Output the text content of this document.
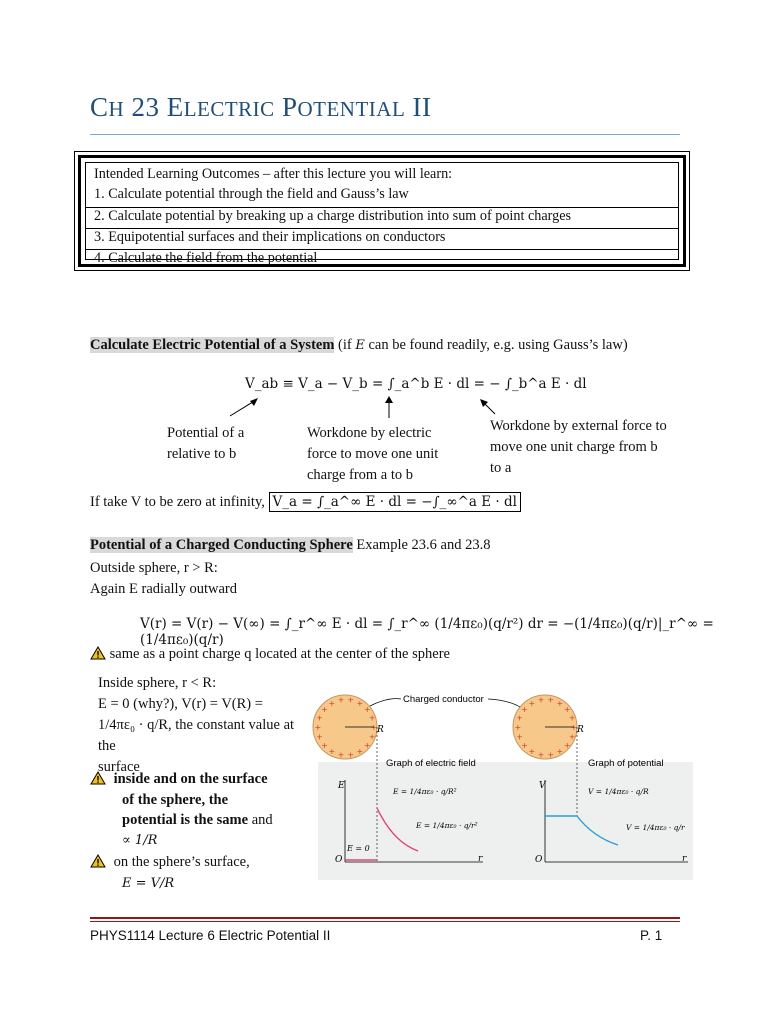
CH 23 ELECTRIC POTENTIAL II
Intended Learning Outcomes – after this lecture you will learn:
1. Calculate potential through the field and Gauss’s law
2. Calculate potential by breaking up a charge distribution into sum of point charges
3. Equipotential surfaces and their implications on conductors
4. Calculate the field from the potential
Calculate Electric Potential of a System (if E can be found readily, e.g. using Gauss’s law)
V_ab ≡ V_a − V_b = ∫_a^b E · dl = − ∫_b^a E · dl
Potential of a
relative to b
Workdone by electric
force to move one unit
charge from a to b
Workdone by external force to
move one unit charge from b
to a
If take V to be zero at infinity, V_a = ∫_a^∞ E · dl = −∫_∞^a E · dl
Potential of a Charged Conducting Sphere Example 23.6 and 23.8
Outside sphere, r > R:
Again E radially outward
V(r) = V(r) − V(∞) = ∫_r^∞ E · dl = ∫_r^∞ (1/4πε₀)(q/r²) dr = −(1/4πε₀)(q/r)|_r^∞ = (1/4πε₀)(q/r)
same as a point charge q located at the center of the sphere
Inside sphere, r < R:
E = 0 (why?), V(r) = V(R) =
1/4πε₀ · q/R, the constant value at the
surface
inside and on the surface
of the sphere, the
potential is the same and
∝ 1/R
on the sphere’s surface,
E = V/R
+
+
+
+
+
+
+
+
+
+
+
+
+ + + +
+
+
+
+
+
+
+
+
+
+
+
+
+
+
+ + + +
+
+
R	R
Charged conductor
Graph of electric field	Graph of potential
E
O	r
E = 0
E = 1/4πε₀ · q/R²
E = 1/4πε₀ · q/r²
V
O	r
V = 1/4πε₀ · q/R
V = 1/4πε₀ · q/r
PHYS1114 Lecture 6 Electric Potential II	P. 1
